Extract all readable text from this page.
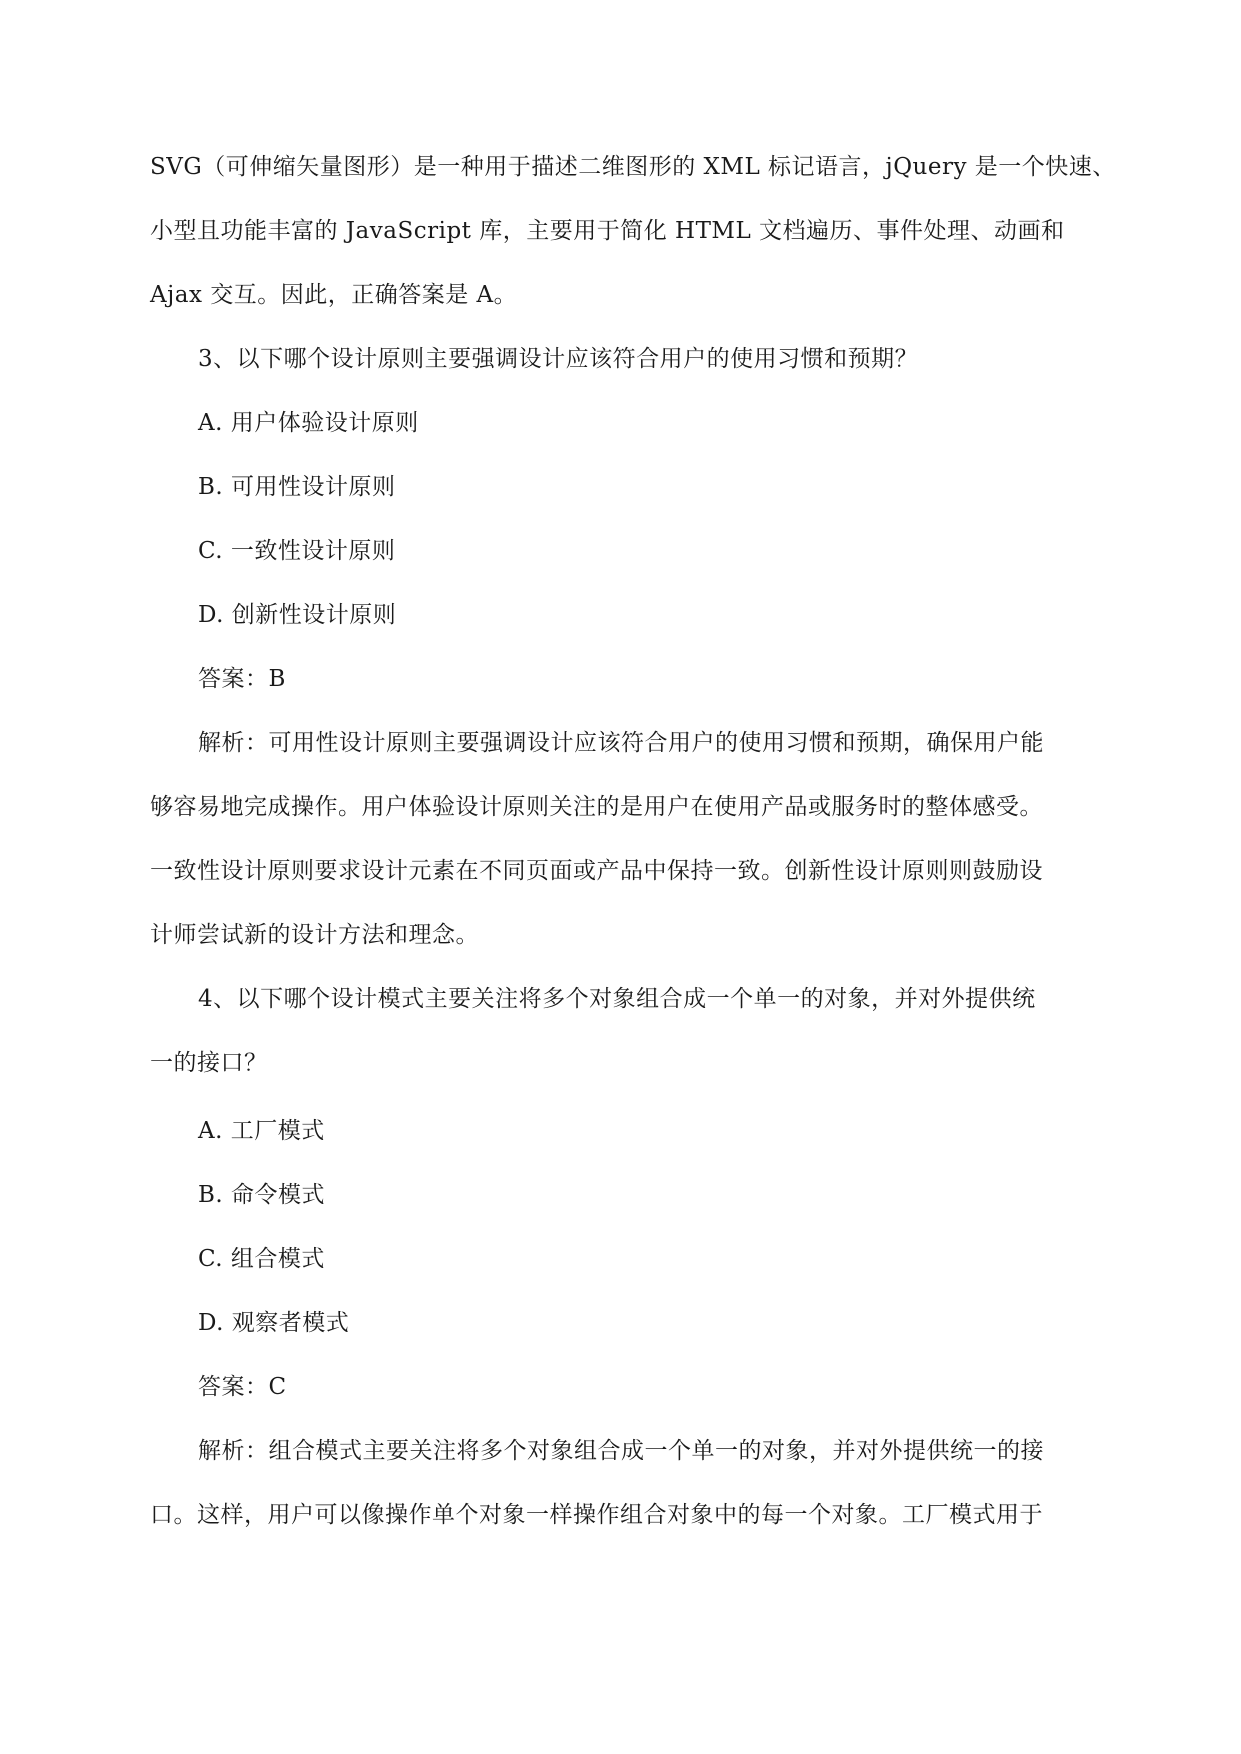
SVG（可伸缩矢量图形）是一种用于描述二维图形的 XML 标记语言，jQuery 是一个快速、
小型且功能丰富的 JavaScript 库，主要用于简化 HTML 文档遍历、事件处理、动画和
Ajax 交互。因此，正确答案是 A。
3、以下哪个设计原则主要强调设计应该符合用户的使用习惯和预期？
A. 用户体验设计原则
B. 可用性设计原则
C. 一致性设计原则
D. 创新性设计原则
答案：B
解析：可用性设计原则主要强调设计应该符合用户的使用习惯和预期，确保用户能
够容易地完成操作。用户体验设计原则关注的是用户在使用产品或服务时的整体感受。
一致性设计原则要求设计元素在不同页面或产品中保持一致。创新性设计原则则鼓励设
计师尝试新的设计方法和理念。
4、以下哪个设计模式主要关注将多个对象组合成一个单一的对象，并对外提供统
一的接口？
A. 工厂模式
B. 命令模式
C. 组合模式
D. 观察者模式
答案：C
解析：组合模式主要关注将多个对象组合成一个单一的对象，并对外提供统一的接
口。这样，用户可以像操作单个对象一样操作组合对象中的每一个对象。工厂模式用于
